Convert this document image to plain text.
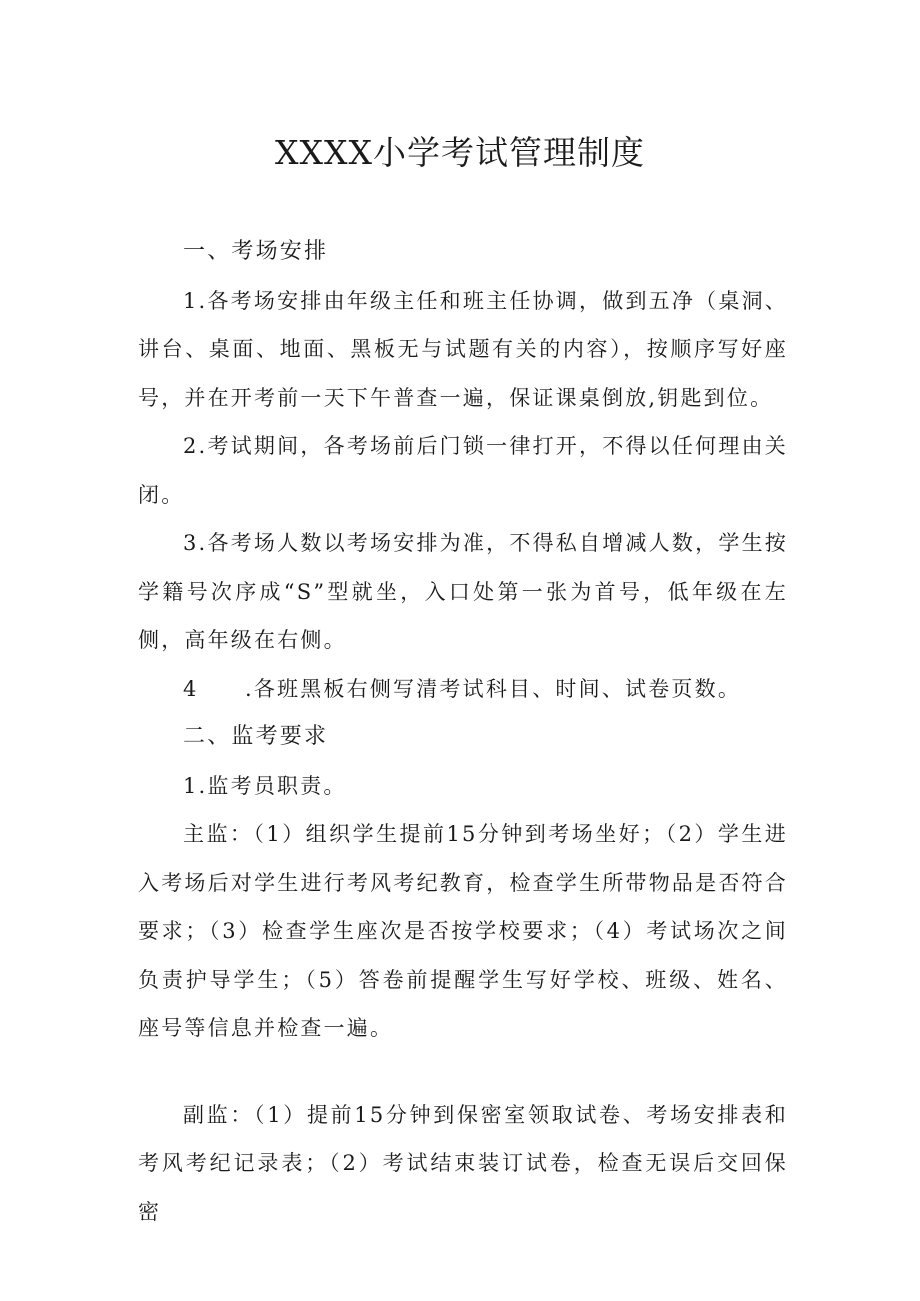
XXXX小学考试管理制度

一、考场安排

1.各考场安排由年级主任和班主任协调，做到五净（桌洞、讲台、桌面、地面、黑板无与试题有关的内容），按顺序写好座号，并在开考前一天下午普查一遍，保证课桌倒放,钥匙到位。

2.考试期间，各考场前后门锁一律打开，不得以任何理由关闭。

3.各考场人数以考场安排为准，不得私自增减人数，学生按学籍号次序成“S”型就坐，入口处第一张为首号，低年级在左侧，高年级在右侧。

4　　.各班黑板右侧写清考试科目、时间、试卷页数。

二、监考要求

1.监考员职责。

主监：（1）组织学生提前15分钟到考场坐好；（2）学生进入考场后对学生进行考风考纪教育，检查学生所带物品是否符合要求；（3）检查学生座次是否按学校要求；（4）考试场次之间负责护导学生；（5）答卷前提醒学生写好学校、班级、姓名、座号等信息并检查一遍。

副监：（1）提前15分钟到保密室领取试卷、考场安排表和考风考纪记录表；（2）考试结束装订试卷，检查无误后交回保密
